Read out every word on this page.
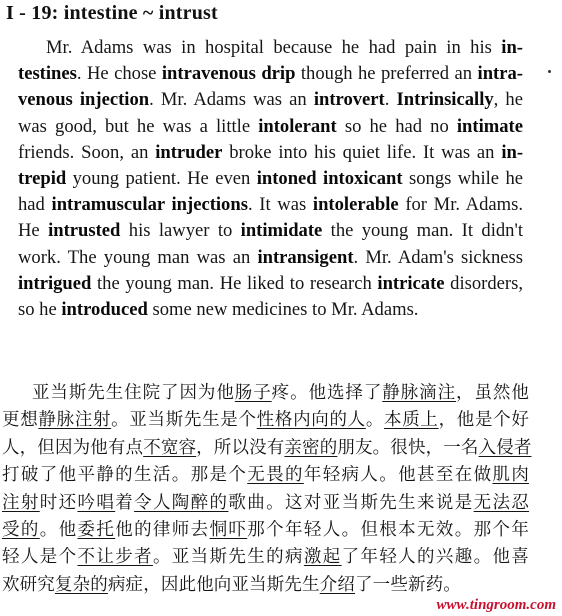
I - 19: intestine ~ intrust
Mr. Adams was in hospital because he had pain in his in-
testines. He chose intravenous drip though he preferred an intra-
venous injection. Mr. Adams was an introvert. Intrinsically, he
was good, but he was a little intolerant so he had no intimate
friends. Soon, an intruder broke into his quiet life. It was an in-
trepid young patient. He even intoned intoxicant songs while he
had intramuscular injections. It was intolerable for Mr. Adams.
He intrusted his lawyer to intimidate the young man. It didn't
work. The young man was an intransigent. Mr. Adam's sickness
intrigued the young man. He liked to research intricate disorders,
so he introduced some new medicines to Mr. Adams.
亚当斯先生住院了因为他肠子疼。他选择了静脉滴注，虽然他
更想静脉注射。亚当斯先生是个性格内向的人。本质上，他是个好
人，但因为他有点不宽容，所以没有亲密的朋友。很快，一名入侵者
打破了他平静的生活。那是个无畏的年轻病人。他甚至在做肌肉
注射时还吟唱着令人陶醉的歌曲。这对亚当斯先生来说是无法忍
受的。他委托他的律师去恫吓那个年轻人。但根本无效。那个年
轻人是个不让步者。亚当斯先生的病激起了年轻人的兴趣。他喜
欢研究复杂的病症，因此他向亚当斯先生介绍了一些新药。
www.tingroom.com
